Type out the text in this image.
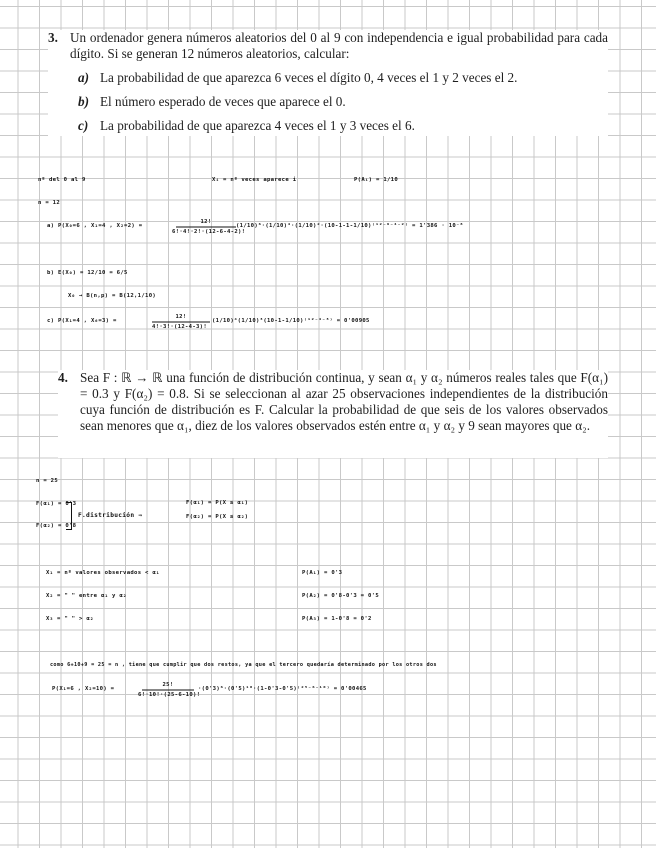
3. Un ordenador genera números aleatorios del 0 al 9 con independencia e igual probabilidad para cada dígito. Si se generan 12 números aleatorios, calcular:
a) La probabilidad de que aparezca 6 veces el dígito 0, 4 veces el 1 y 2 veces el 2.
b) El número esperado de veces que aparece el 0.
c) La probabilidad de que aparezca 4 veces el 1 y 3 veces el 6.
nº del 0 al 9	Xᵢ = nº veces aparece i	P(Aᵢ) = 1/10
n = 12
a) P(X₀=6 , X₁=4 , X₂=2) =
12!
6!·4!·2!·(12-6-4-2)!
(1/10)⁶·(1/10)⁴·(1/10)²·(10-1-1-1/10)⁽¹²⁻⁶⁻⁴⁻²⁾ = 1'386 · 10⁻⁸
b) E(X₀) = 12/10 = 6/5
X₀ → B(n,p) = B(12,1/10)
c) P(X₁=4 , X₆=3) =
12!
4!·3!·(12-4-3)!
(1/10)⁴(1/10)³(10-1-1/10)⁽¹²⁻⁴⁻³⁾ = 0'00905
4. Sea F : ℝ → ℝ una función de distribución continua, y sean α₁ y α₂ números reales tales que F(α₁) = 0.3 y F(α₂) = 0.8. Si se seleccionan al azar 25 observaciones independientes de la distribución cuya función de distribución es F. Calcular la probabilidad de que seis de los valores observados sean menores que α₁, diez de los valores observados estén entre α₁ y α₂ y 9 sean mayores que α₂.
n = 25
F(α₁) = 0'3
F(α₂) = 0'8
F.distribución ⇒
F(α₁) = P(X ≤ α₁)
F(α₂) = P(X ≤ α₂)
X₁ = nº valores observados < α₁	P(A₁) = 0'3
X₂ = " " entre α₁ y α₂	P(A₂) = 0'8-0'3 = 0'5
X₃ = " " > α₂	P(A₃) = 1-0'8 = 0'2
como 6+10+9 = 25 = n , tiene que cumplir que dos restos, ya que el tercero quedaría determinado por los otros dos
P(X₁=6 , X₂=10) =
25!
6!·10!·(25-6-10)!
·(0'3)⁶·(0'5)¹⁰·(1-0'3-0'5)⁽²⁵⁻⁶⁻¹⁰⁾ = 0'00465
